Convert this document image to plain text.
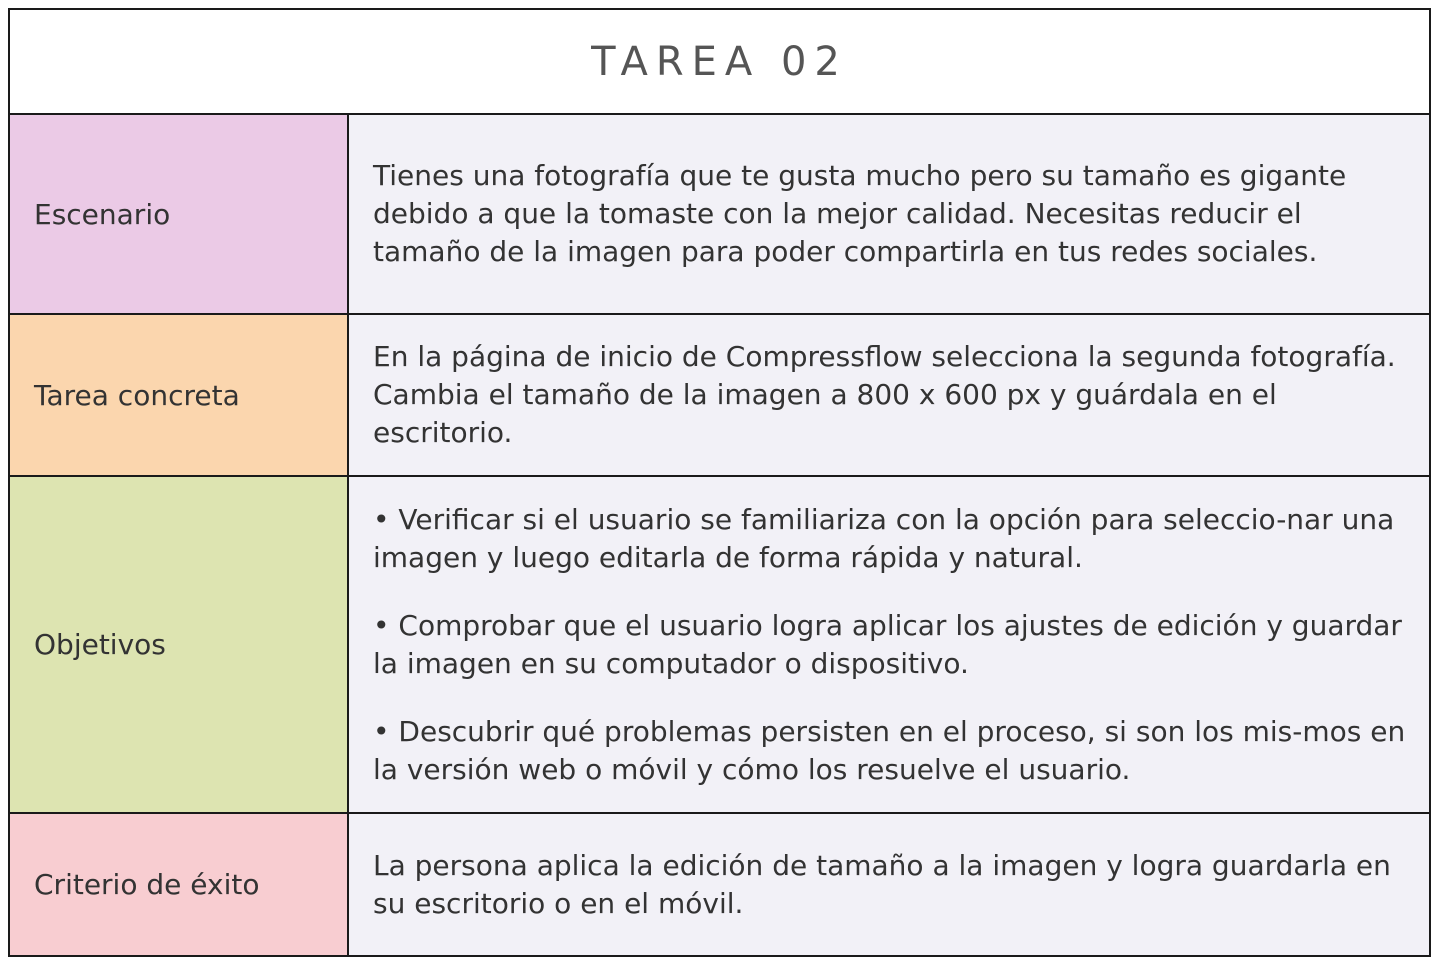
TAREA 02
Escenario

Tienes una fotografía que te gusta mucho pero su tamaño es gigante debido a que la tomaste con la mejor calidad. Necesitas reducir el tamaño de la imagen para poder compartirla en tus redes sociales.

Tarea concreta

En la página de inicio de Compressflow selecciona la segunda fotografía. Cambia el tamaño de la imagen a 800 x 600 px y guárdala en el escritorio.

Objetivos

• Verificar si el usuario se familiariza con la opción para seleccio-nar una imagen y luego editarla de forma rápida y natural.

• Comprobar que el usuario logra aplicar los ajustes de edición y guardar la imagen en su computador o dispositivo.

• Descubrir qué problemas persisten en el proceso, si son los mis-mos en la versión web o móvil y cómo los resuelve el usuario.

Criterio de éxito

La persona aplica la edición de tamaño a la imagen y logra guardarla en su escritorio o en el móvil.
